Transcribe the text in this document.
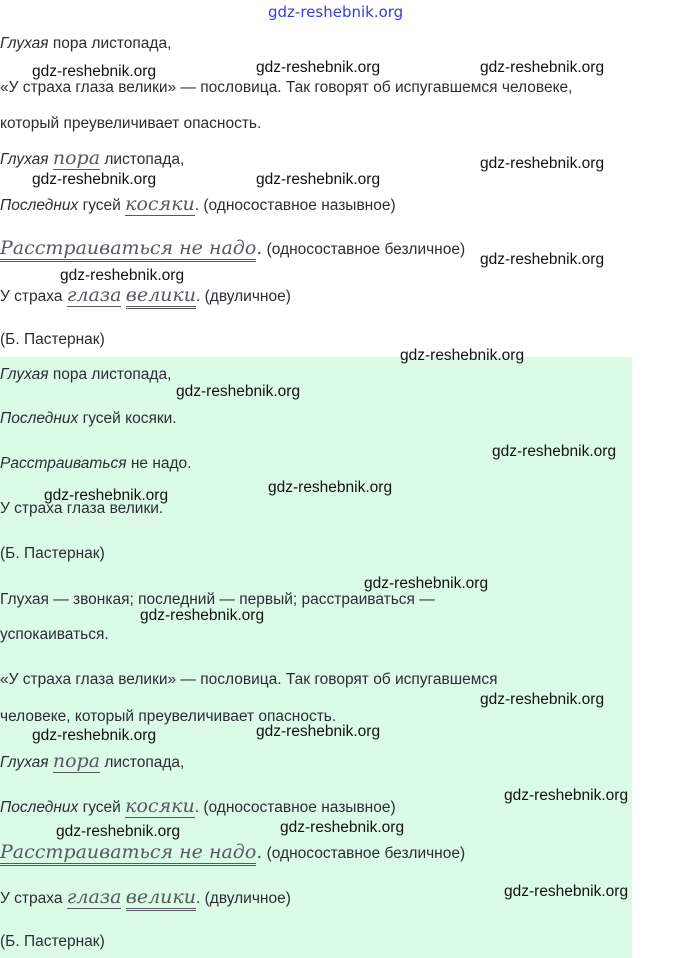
gdz-reshebnik.org
Глухая пора листопада,
«У страха глаза велики» — пословица. Так говорят об испугавшемся человеке,
который преувеличивает опасность.
Глухая пора листопада,
Последних гусей косяки. (односоставное назывное)
Расстраиваться не надо. (односоставное безличное)
У страха глаза велики. (двуличное)
(Б. Пастернак)
Глухая пора листопада,
Последних гусей косяки.
Расстраиваться не надо.
У страха глаза велики.
(Б. Пастернак)
Глухая — звонкая; последний — первый; расстраиваться —
успокаиваться.
«У страха глаза велики» — пословица. Так говорят об испугавшемся
человеке, который преувеличивает опасность.
Глухая пора листопада,
Последних гусей косяки. (односоставное назывное)
Расстраиваться не надо. (односоставное безличное)
У страха глаза велики. (двуличное)
(Б. Пастернак)
gdz-reshebnik.org	gdz-reshebnik.org	gdz-reshebnik.org
gdz-reshebnik.org
gdz-reshebnik.org	gdz-reshebnik.org
gdz-reshebnik.org
gdz-reshebnik.org
gdz-reshebnik.org
gdz-reshebnik.org
gdz-reshebnik.org
gdz-reshebnik.org
gdz-reshebnik.org
gdz-reshebnik.org
gdz-reshebnik.org
gdz-reshebnik.org
gdz-reshebnik.org
gdz-reshebnik.org
gdz-reshebnik.org
gdz-reshebnik.org
gdz-reshebnik.org
gdz-reshebnik.org
